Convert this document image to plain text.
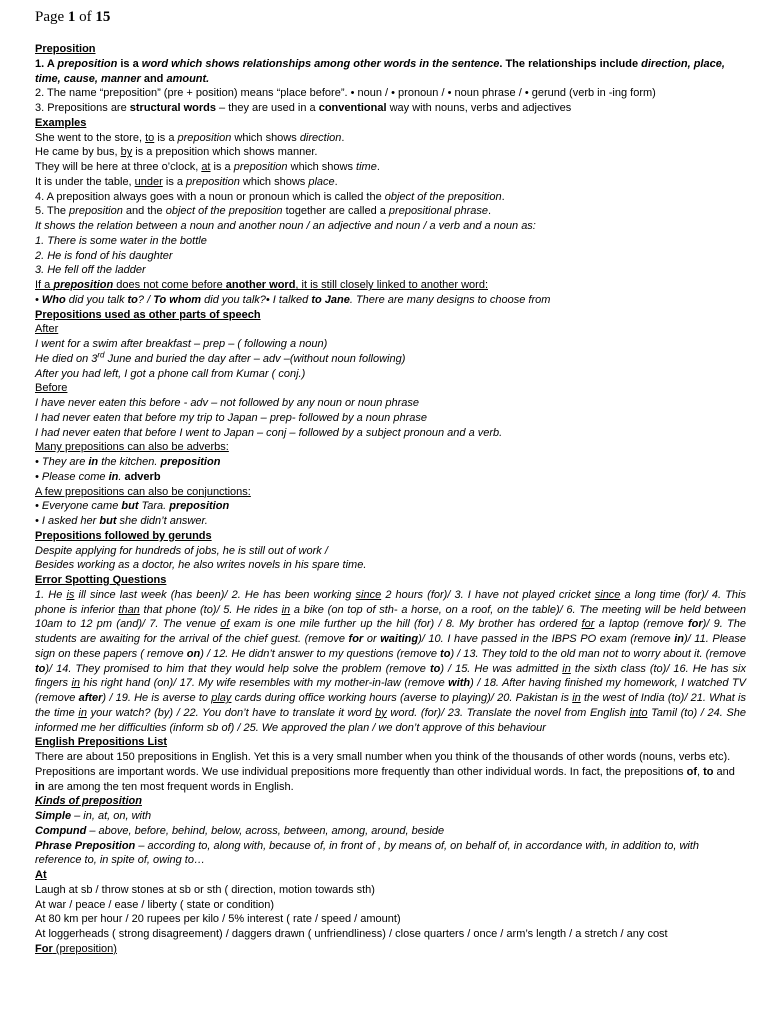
Page 1 of 15
Preposition
1. A preposition is a word which shows relationships among other words in the sentence. The relationships include direction, place,
time, cause, manner and amount.
2. The name “preposition” (pre + position) means “place before”. • noun / • pronoun / • noun phrase / • gerund (verb in -ing form)
3. Prepositions are structural words – they are used in a conventional way with nouns, verbs and adjectives
Examples
She went to the store, to is a preposition which shows direction.
He came by bus, by is a preposition which shows manner.
They will be here at three o’clock, at is a preposition which shows time.
It is under the table, under is a preposition which shows place.
4. A preposition always goes with a noun or pronoun which is called the object of the preposition.
5. The preposition and the object of the preposition together are called a prepositional phrase.
It shows the relation between a noun and another noun / an adjective and noun / a verb and a noun as:
1. There is some water in the bottle
2. He is fond of his daughter
3. He fell off the ladder
If a preposition does not come before another word, it is still closely linked to another word:
• Who did you talk to? / To whom did you talk?• I talked to Jane. There are many designs to choose from
Prepositions used as other parts of speech
After
I went for a swim after breakfast – prep – ( following a noun)
He died on 3rd June and buried the day after – adv –(without noun following)
After you had left, I got a phone call from Kumar ( conj.)
Before
I have never eaten this before - adv – not followed by any noun or noun phrase
I had never eaten that before my trip to Japan – prep- followed by a noun phrase
I had never eaten that before I went to Japan – conj – followed by a subject pronoun and a verb.
Many prepositions can also be adverbs:
• They are in the kitchen. preposition
• Please come in. adverb
A few prepositions can also be conjunctions:
• Everyone came but Tara. preposition
• I asked her but she didn’t answer.
Prepositions followed by gerunds
Despite applying for hundreds of jobs, he is still out of work /
Besides working as a doctor, he also writes novels in his spare time.
Error Spotting Questions
1. He is ill since last week (has been)/ 2. He has been working since 2 hours (for)/ 3. I have not played cricket since a long time (for)/ 4. This phone is inferior than that phone (to)/ 5. He rides in a bike (on top of sth- a horse, on a roof, on the table)/ 6. The meeting will be held between 10am to 12 pm (and)/ 7. The venue of exam is one mile further up the hill (for) / 8. My brother has ordered for a laptop (remove for)/ 9. The students are awaiting for the arrival of the chief guest. (remove for or waiting)/ 10. I have passed in the IBPS PO exam (remove in)/ 11. Please sign on these papers ( remove on) / 12. He didn’t answer to my questions (remove to) / 13. They told to the old man not to worry about it. (remove to)/ 14. They promised to him that they would help solve the problem (remove to) / 15. He was admitted in the sixth class (to)/ 16. He has six fingers in his right hand (on)/ 17. My wife resembles with my mother-in-law (remove with) / 18. After having finished my homework, I watched TV (remove after) / 19. He is averse to play cards during office working hours (averse to playing)/ 20. Pakistan is in the west of India (to)/ 21. What is the time in your watch? (by) / 22. You don’t have to translate it word by word. (for)/ 23. Translate the novel from English into Tamil (to) / 24. She informed me her difficulties (inform sb of) / 25. We approved the plan / we don’t approve of this behaviour
English Prepositions List
There are about 150 prepositions in English. Yet this is a very small number when you think of the thousands of other words (nouns, verbs etc). Prepositions are important words. We use individual prepositions more frequently than other individual words. In fact, the prepositions of, to and in are among the ten most frequent words in English.
Kinds of preposition
Simple – in, at, on, with
Compund – above, before, behind, below, across, between, among, around, beside
Phrase Preposition – according to, along with, because of, in front of , by means of, on behalf of, in accordance with, in addition to, with reference to, in spite of, owing to…
At
Laugh at sb / throw stones at sb or sth ( direction, motion towards sth)
At war / peace / ease / liberty ( state or condition)
At 80 km per hour / 20 rupees per kilo / 5% interest ( rate / speed / amount)
At loggerheads ( strong disagreement) / daggers drawn ( unfriendliness) / close quarters / once / arm’s length / a stretch / any cost
For (preposition)
